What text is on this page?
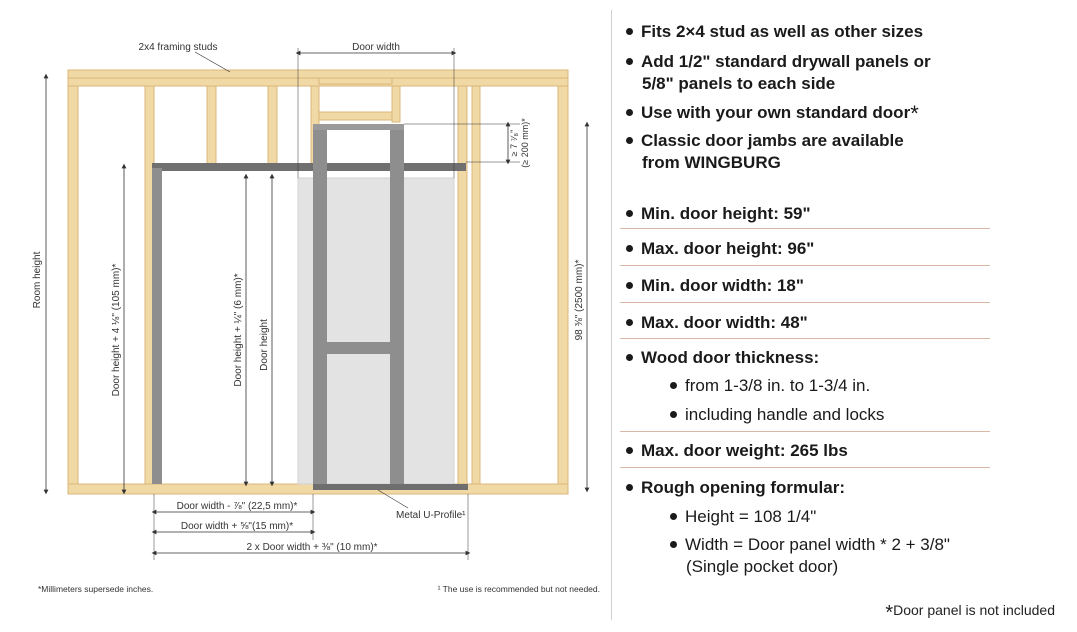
2x4 framing studs	Door width
≥ 7 ⁷⁄₈" (≥ 200 mm)*
Room height	Door height + 4 ⅛" (105 mm)*	Door height + ¼" (6 mm)* Door height
98 ⅜" (2500 mm)*
Door width - ⅞" (22,5 mm)*
Door width + ⅝"(15 mm)*
2 x Door width + ⅜" (10 mm)*
Metal U-Profile¹
*Millimeters supersede inches.	¹ The use is recommended but not needed.
Fits 2×4 stud as well as other sizes
Add 1/2" standard drywall panels or
5/8" panels to each side
Use with your own standard door*
Classic door jambs are available
from WINGBURG
Min. door height: 59"
Max. door height: 96"
Min. door width: 18"
Max. door width: 48"
Wood door thickness:
from 1-3/8 in. to 1-3/4 in.
including handle and locks
Max. door weight: 265 lbs
Rough opening formular:
Height = 108 1/4"
Width = Door panel width * 2 + 3/8"
(Single pocket door)
*Door panel is not included
